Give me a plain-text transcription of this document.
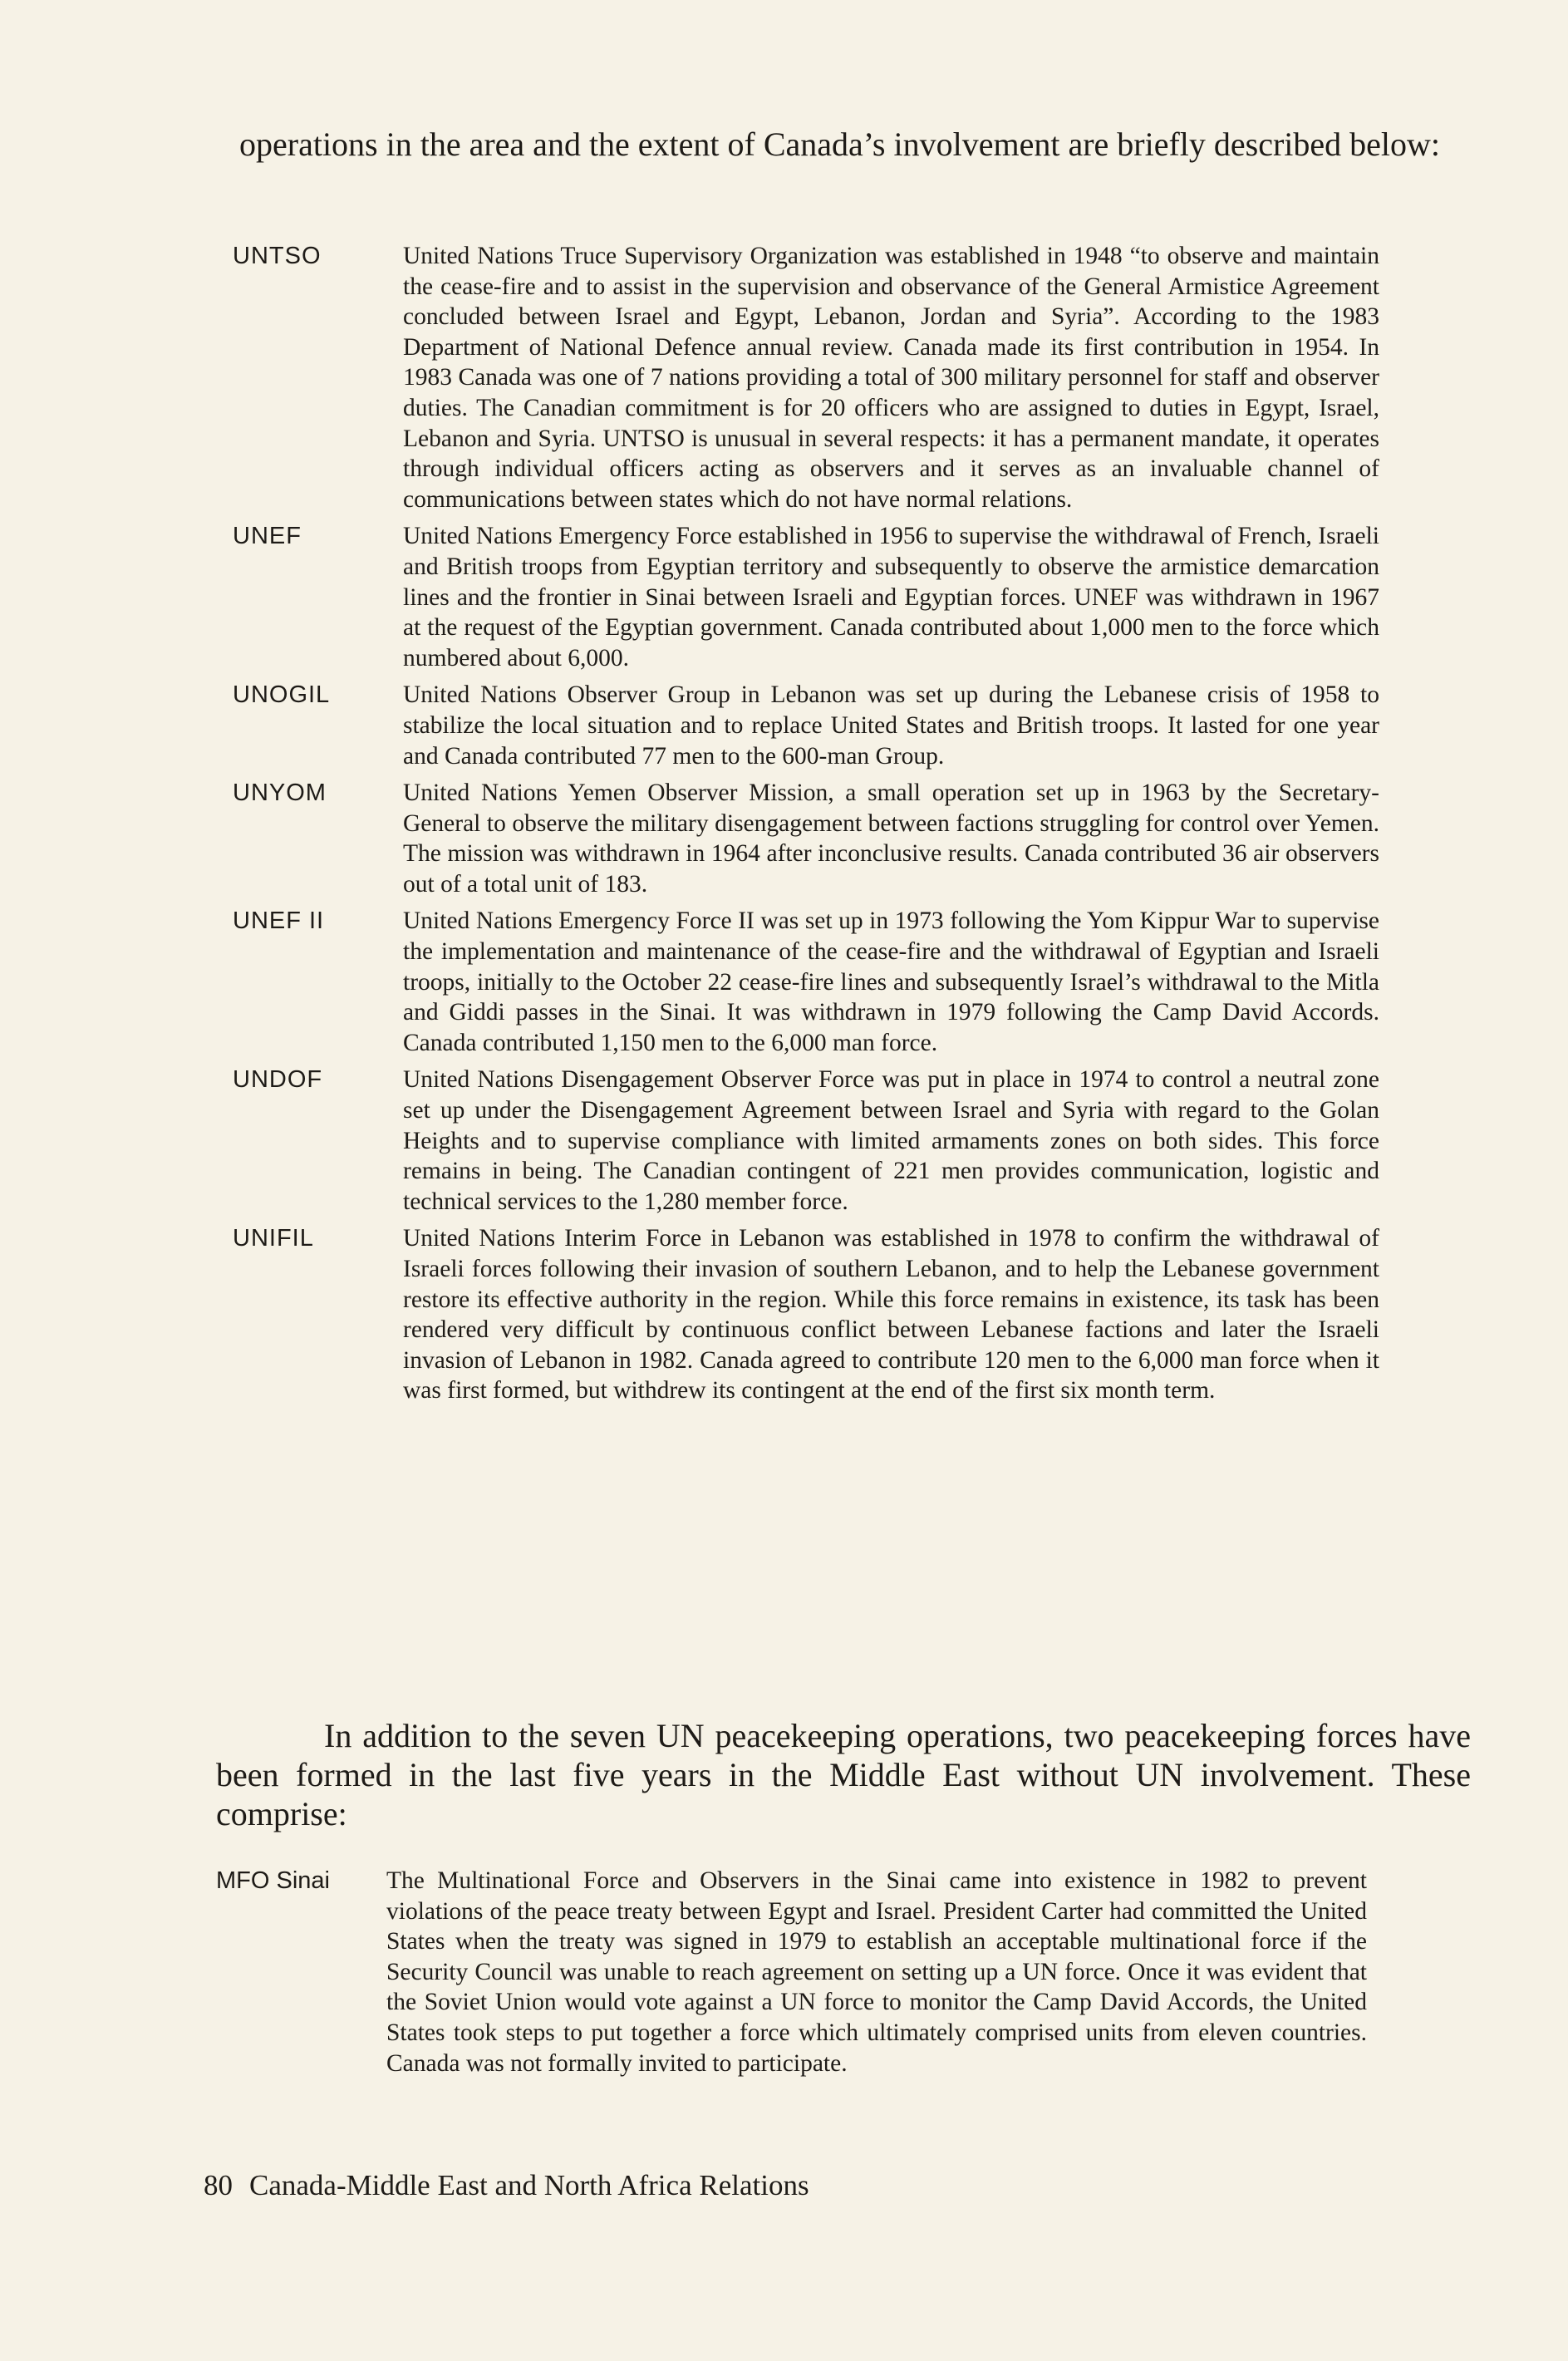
operations in the area and the extent of Canada’s involvement are briefly described below:

UNTSO	United Nations Truce Supervisory Organization was established in 1948 “to observe and maintain the cease-fire and to assist in the supervision and observance of the General Armistice Agreement concluded between Israel and Egypt, Lebanon, Jordan and Syria”. According to the 1983 Department of National Defence annual review. Canada made its first contribution in 1954. In 1983 Canada was one of 7 nations providing a total of 300 military personnel for staff and observer duties. The Canadian commitment is for 20 officers who are assigned to duties in Egypt, Israel, Lebanon and Syria. UNTSO is unusual in several respects: it has a permanent mandate, it operates through individual officers acting as observers and it serves as an invaluable channel of communications between states which do not have normal relations.

UNEF	United Nations Emergency Force established in 1956 to supervise the withdrawal of French, Israeli and British troops from Egyptian territory and subsequently to observe the armistice demarcation lines and the frontier in Sinai between Israeli and Egyptian forces. UNEF was withdrawn in 1967 at the request of the Egyptian government. Canada contributed about 1,000 men to the force which numbered about 6,000.

UNOGIL	United Nations Observer Group in Lebanon was set up during the Lebanese crisis of 1958 to stabilize the local situation and to replace United States and British troops. It lasted for one year and Canada contributed 77 men to the 600-man Group.

UNYOM	United Nations Yemen Observer Mission, a small operation set up in 1963 by the Secretary-General to observe the military disengagement between factions struggling for control over Yemen. The mission was withdrawn in 1964 after inconclusive results. Canada contributed 36 air observers out of a total unit of 183.

UNEF II	United Nations Emergency Force II was set up in 1973 following the Yom Kippur War to supervise the implementation and maintenance of the cease-fire and the withdrawal of Egyptian and Israeli troops, initially to the October 22 cease-fire lines and subsequently Israel’s withdrawal to the Mitla and Giddi passes in the Sinai. It was withdrawn in 1979 following the Camp David Accords. Canada contributed 1,150 men to the 6,000 man force.

UNDOF	United Nations Disengagement Observer Force was put in place in 1974 to control a neutral zone set up under the Disengagement Agreement between Israel and Syria with regard to the Golan Heights and to supervise compliance with limited armaments zones on both sides. This force remains in being. The Canadian contingent of 221 men provides communication, logistic and technical services to the 1,280 member force.

UNIFIL	United Nations Interim Force in Lebanon was established in 1978 to confirm the withdrawal of Israeli forces following their invasion of southern Lebanon, and to help the Lebanese government restore its effective authority in the region. While this force remains in existence, its task has been rendered very difficult by continuous conflict between Lebanese factions and later the Israeli invasion of Lebanon in 1982. Canada agreed to contribute 120 men to the 6,000 man force when it was first formed, but withdrew its contingent at the end of the first six month term.

In addition to the seven UN peacekeeping operations, two peacekeeping forces have been formed in the last five years in the Middle East without UN involvement. These comprise:

MFO Sinai	The Multinational Force and Observers in the Sinai came into existence in 1982 to prevent violations of the peace treaty between Egypt and Israel. President Carter had committed the United States when the treaty was signed in 1979 to establish an acceptable multinational force if the Security Council was unable to reach agreement on setting up a UN force. Once it was evident that the Soviet Union would vote against a UN force to monitor the Camp David Accords, the United States took steps to put together a force which ultimately comprised units from eleven countries. Canada was not formally invited to participate.

80 Canada-Middle East and North Africa Relations
